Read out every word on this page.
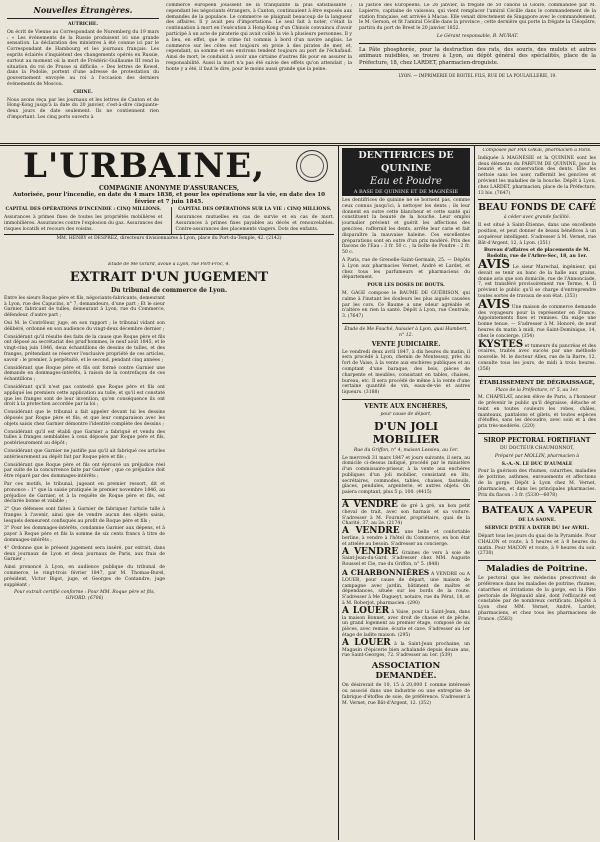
Nouvelles Étrangères.
AUTRICHE.

On écrit de Vienne au Correspondant de Nuremberg du 19 mars : « Les événements de la Russie produisent ici une grande sensation. La déclaration des ministres à été connue ici par le Correspondant de Hambourg et les journaux français. Les esprits éclairés s'inquiètent des changements opérés en Russie, surtout au moment où la mort de Frédéric-Guillaume III rend la situation du roi de Prusse si difficile. » Des lettres de Kowel, dans la Podolie, portent d'une adresse de protestation du gouvernement envoyée au roi à l'occasion des derniers événements de Moscou.

CHINE.

Nous avons reçu par les journaux et les lettres de Canton et de Hong-Kong jusqu'à la date du 20 janvier, c'est-à-dire cinquante-deux jours de date seulement. Ils ne contiennent rien d'important. Les cinq ports ouverts à

commerce européen jouissent de la tranquillité la plus satisfaisante ; cependant les négociants étrangers, à Canton, continuaient à être exposés aux demandes de la populace. Le commerce se plaignait beaucoup de la langueur des affaires. Il y avait peu d'importations. Le seul fait à noter, c'était la continuation à mort en l'exécution à Hong-Kong d'un Chinois convaincu d'avoir participé à un acte de piraterie qui avait coûté la vie à plusieurs personnes. Il y a lieu, en effet, que le crime fut commis à bord d'un navire anglais. Le commerce sur les côtes est toujours en proie à des pirates de mer, et, cependant, sa somme et ses environs tendent toujours au port de l'échafaud. Ainsi de mort, le conduisit à avoir une cirtaine d'autres fils pour en assurer la responsabilité. Aussi la mort n'a pas été suivie des effets qu'on attendait ; la honte y a été, il faut le dire, pour le moins aussi grande que la peine.

la justice des Européens. Le 26 janvier, la frégate de 50 canons la Gloire, commandée par M. Lapierre, capitaine de vaisseau, qui vient remplacer l'amiral Cécille dans le commandement de la station française, est arrivée à Macao. Elle venait directement de Singapore avec le commandement, le M. Gerson, et fit l'amiral Cécille dans la province ; cette dernière qui porte la frégate la Cléopâtre, partira du port de Brest le 20 janvier 1852.

Le Gérant responsable, B. MURAT.

La Pâte phosphorée, pour la destruction des rats, des souris, des mulots et autres animaux nuisibles, se trouve à Lyon, au dépôt général des spécialités, place de la Préfecture, 18, chez LARDET, pharmacien-droguiste.

LYON. — IMPRIMERIE DE BOITEL FILS, RUE DE LA POULAILLERIE, 19.
L'URBAINE,
COMPAGNIE ANONYME D'ASSURANCES,

Autorisée, pour l'incendie, en date du 4 mars 1838, et pour les opérations sur la vie, en date des 10 février et 7 juin 1845.

CAPITAL DES OPÉRATIONS D'INCENDIE : CINQ MILLIONS.

Assurances à primes fixes de toutes les propriétés mobilières et immobilières. Assurances contre l'explosion du gaz. Assurances des risques locatifs et recours des voisins.

CAPITAL DES OPÉRATIONS SUR LA VIE : CINQ MILLIONS.

Assurances mutuelles en cas de survie et en cas de mort. Assurances à primes fixes payables au décès et renouvelables. Contre-assurances des placements viagers. Dots des enfants.

MM. HENRY et DESPREZ, directeurs divisionnaires à Lyon, place du Port-du-Temple, 42. (2142)
Étude de Me Girard, avoué à Lyon, rue Port-Froc, 4.
EXTRAIT D'UN JUGEMENT
Du tribunal de commerce de Lyon.

Entre les sieurs Roque père et fils, négociants-fabricants, demeurant à Lyon, rue des Capucins, n° 7, demandeurs, d'une part ; Et le sieur Garnier, fabricant de tulles, demeurant à Lyon, rue du Commerce, défendeur, d'autre part ;

Oui M. le Contrôleur, juge, en son rapport ; le tribunal vidant son délibéré, ordonné en son audience du vingt-deux décembre dernier ;

Considérant qu'il résulte des faits de la cause que Roque père et fils ont déposé au secrétariat des prud'hommes, le neuf août 1845, et le vingt-cinq juin 1846, deux échantillons de dessins de tulles, et des franges, prétendant se réserver l'exclusive propriété de ces articles, savoir : le premier, à perpétuité, et le second, pendant cinq années ;

Considérant que Roque père et fils ont formé contre Garnier une demande en dommages-intérêts, à raison de la contrefaçon de ces échantillons ;

Considérant qu'il n'est pas contesté que Roque père et fils ont appliqué les premiers cette application au tulle, et qu'il est constaté que les franges sont de leur invention, qu'en conséquence ils ont droit à la protection accordée par la loi ;

Considérant que le tribunal a fait appeler devant lui les dessins déposés par Roque père et fils, et que leur comparaison avec les objets saisis chez Garnier démontre l'identité complète des dessins ;

Considérant qu'il est établi que Garnier a fabriqué et vendu des tulles à franges semblables à ceux déposés par Roque père et fils, postérieurement au dépôt ;

Considérant que Garnier ne justifie pas qu'il ait fabriqué ces articles antérieurement au dépôt fait par Roque père et fils ;

Considérant que Roque père et fils ont éprouvé un préjudice réel par suite de la concurrence faite par Garnier ; que ce préjudice doit être réparé par des dommages-intérêts ;

Par ces motifs, le tribunal, jugeant en premier ressort, dit et prononce : 1° que la saisie pratiquée le premier novembre 1846, au préjudice de Garnier, et à la requête de Roque père et fils, est déclarée bonne et valable ;

2° Que défenses sont faites à Garnier de fabriquer l'article tulle à franges à l'avenir, ainsi que de vendre aucun des objets saisis, lesquels demeurent confisqués au profit de Roque père et fils ;

3° Pour les dommages-intérêts, condamne Garnier aux dépens, et à payer à Roque père et fils la somme de six cents francs à titre de dommages-intérêts ;

4° Ordonne que le présent jugement sera inséré, par extrait, dans deux journaux de Lyon et deux journaux de Paris, aux frais de Garnier ;

Ainsi prononcé à Lyon, en audience publique du tribunal de commerce, le vingt-trois février 1847, par M. Thomas-Burel, président, Victor Bigot, juge, et Georges de Contandre, juge suppléant ;

Pour extrait certifié conforme : Pour MM. Roque père et fils, GIVORD. (6706)

DENTIFRICES DE QUININE
Eau et Poudre
A BASE DE QUININE ET DE MAGNÉSIE

Les dentifrices de quinine ne se bornent pas, comme ceux connus jusqu'ici, à nettoyer les dents ; ils leur donnent en outre cette blancheur et cette santé qui constituent la beauté de la bouche. Leur emploi journalier prévient et guérit les affections des gencives, raffermit les dents, arrête leur carie et fait disparaître la mauvaise haleine. Ces excellentes préparations sont en outre d'un prix modéré. Prix des flacons de l'Eau : 3 fr. 50 c. ; la boîte de Poudre : 2 fr. 50 c.

A Paris, rue de Grenelle-Saint-Germain, 25. — Dépôts à Lyon aux pharmacies Vernet, André et Lardet, et chez tous les parfumeurs et pharmaciens du département.

POUR LES DOSES DE BOUTS.

M. GAGE compose le BAUME DE GUÉRISON, qui calme à l'instant les douleurs les plus aiguës causées par les cors. Ce Baume a une odeur agréable et n'altère en rien la santé. Dépôt à Lyon, rue Centrale, 3. (7647)

Étude de Me Fouché, huissier à Lyon, quai Humbert, n° 12.
VENTE JUDICIAIRE.

Le vendredi deux avril 1847, à dix heures du matin, il sera procédé à Lyon, chemin de Montessuy, près du fort de Vaise, à la vente aux enchères publiques et au comptant d'une baraque, des bois, pièces de charpente et meubles, consistant en tables, chaises, bureau, etc. Il sera procédé de même à la vente d'une certaine quantité de vin, eaux-de-vie et autres liqueurs. (3188)

VENTE AUX ENCHÈRES,
pour cause de départ,
D'UN JOLI MOBILIER
Rue du Griffon, n° 4, maison Lessieu, au 1er.

Le mercredi 31 mars 1847 et jours suivants, il sera, au domicile ci-dessus indiqué, procédé par le ministère d'un commissaire-priseur, à la vente aux enchères publiques d'un joli mobilier, consistant en lits, secrétaires, commodes, tables, chaises, fauteuils, glaces, pendules, argenterie, et autres objets. On paiera comptant, plus 5 p. 100. (4415)

A VENDRE de gré à gré, un bon petit cheval de trait, avec son harnais et sa voiture. S'adresser à M. Fournier, propriétaire, quai de la Charité, 37, au 2e. (2174)

A VENDRE une belle et confortable berline, à vendre à l'hôtel du Commerce, en bon état et attelée au besoin. S'adresser au concierge.

A VENDRE Graines de vers à soie de Saint-Jean-du-Gard. S'adresser chez MM. Auguste Roussel et Cie, rue du Griffon, n° 5. (848)

A CHARBONNIÈRES A VENDRE ou A LOUER, pour cause de départ, une maison de campagne avec jardin, bâtiment de maître et dépendances, située sur les bords de la route. S'adresser à Me Dugueyt, notaire, rue du Pérat, 18, et à M. Roberjot, pharmacien. (290)

A LOUER à Vaise, pour la Saint-Jean, dans la maison Bonnet, avec droit de chasse et de pêche, un grand logement au premier étage, composé de six pièces, avec remise, écurie et cave. S'adresser au 1er étage de ladite maison. (295)

A LOUER à la Saint-Jean prochaine, un Magasin d'épicerie bien achalandé depuis douze ans, rue Saint-Georges, 72. S'adresser au 1er. (539)

ASSOCIATION DEMANDÉE.

On désirerait de 10, 15 à 20,000 f. comme intéressé ou associé dans une industrie ou une entreprise de fabrique d'étoffes de soie, de préférence. S'adresser à M. Vernet, rue Bât-d'Argent, 12. (352)

Composée par PAX GAGE, pharmacien à Paris.

Indiquée à MAGNÉSIE et la QUININE sont les deux éléments du PARFUM DE QUININE, pour la beauté et la conservation des dents. Elle les nettoie sans les user, raffermit les gencives et prévient les maladies de la bouche. Dépôt à Lyon, chez LARDET, pharmacien, place de la Préfecture, 13 bis. (7647)

BEAU FONDS DE CAFÉ
à céder avec grande facilité.

Il est situé à Saint-Étienne, dans une excellente position, et peut donner de beaux bénéfices à un acquéreur intelligent. S'adresser à M. Vernet, rue Bât-d'Argent, 12, à Lyon. (351)

Bureau d'affaires et de placements de M. Rodolin, rue de l'Arbre-Sec, 18, au 1er.

AVIS Le sieur Marechal, ingénieur, qui devait se tenir au banc de la halle aux grains, donne avis que son domicile, rue de l'Annonciade, 7, est transféré provisoirement rue Terme, 4. Il prévient le public qu'il se charge d'entreprendre toutes sortes de travaux de son état. (353)

AVIS Une maison de commerce demande des voyageurs pour la représenter en France. Appointements fixes et remises. On exige une bonne tenue. — S'adresser à M. Honoré, de neuf heures du matin à midi, rue Saint-Dominique, 14, chez le concierge. (354)

KYSTES et tumeurs du pancréas et des ovaires, traités avec succès par une méthode nouvelle. M. le docteur Allex, rue de la Barre, 12, consulte tous les jours, de midi à trois heures. (356)

ÉTABLISSEMENT DE DÉGRAISSAGE,
Place de la Préfecture, n° 5, au 1er.

M. CHAPELAT, ancien élève de Paris, a l'honneur de prévenir le public qu'il dégraisse, détache et teint en toutes couleurs les robes, châles, manteaux, pantalons et gilets, et toutes espèces d'étoffes, sans les découdre, avec soin et à des prix très-modérés. (220)

SIROP PECTORAL FORTIFIANT
DU DOCTEUR CHAUMONNOT,
Préparé par MOLLIN, pharmacien à
S.-A.-N. LE DUC D'AUMALE

Pour la guérison des rhumes, catarrhes, maladies de poitrine, asthmes, enrouements et affections de la gorge. Dépôt à Lyon chez M. Vernet, pharmacien, et dans les principales pharmacies. Prix du flacon : 3 fr. (5330—6078)

BATEAUX A VAPEUR
DE LA SAONE.
SERVICE D'ETE A DATER DU 1er AVRIL.

Départ tous les jours du quai de la Pyramide. Pour CHALON et route, à 5 heures et à 8 heures du matin. Pour MACON et route, à 9 heures du soir. (2730)

Maladies de Poitrine.

Le pectoral que les médecins prescrivent de préférence dans les maladies de poitrine, rhumes, catarrhes et irritations de la gorge, est la Pâte pectorale de Régnauld aîné, dont l'efficacité est constatée par de nombreux certificats. Dépôts à Lyon chez MM. Vernet, André, Lardet, pharmaciens, et chez tous les pharmaciens de France. (5583)
